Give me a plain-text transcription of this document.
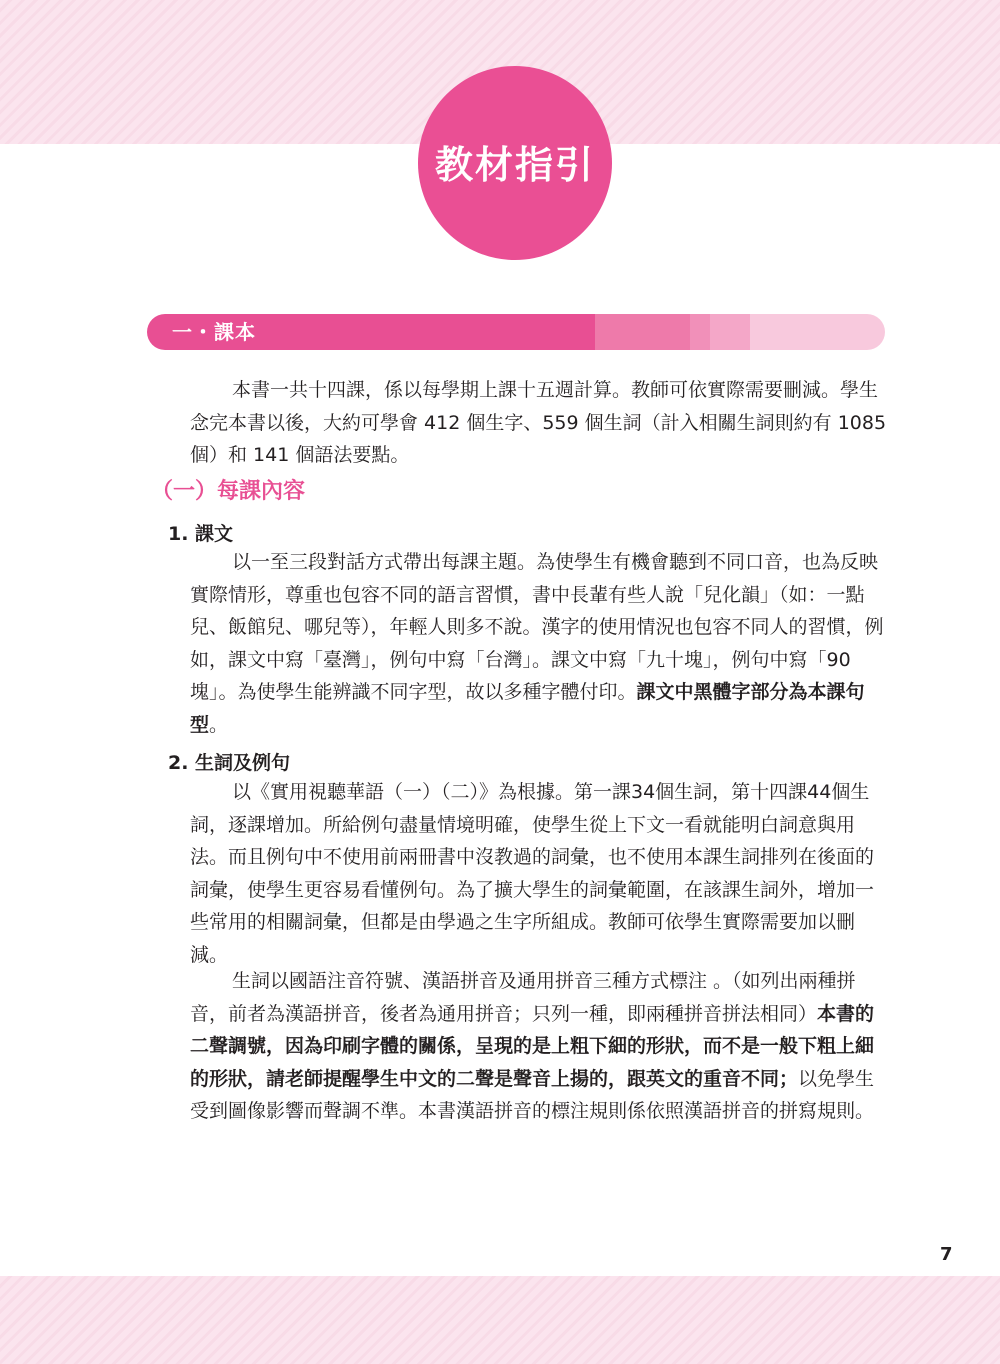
教材指引
一・課本

本書一共十四課，係以每學期上課十五週計算。教師可依實際需要刪減。學生念完本書以後，大約可學會 412 個生字、559 個生詞（計入相關生詞則約有 1085 個）和 141 個語法要點。

（一）每課內容
1. 課文

以一至三段對話方式帶出每課主題。為使學生有機會聽到不同口音，也為反映實際情形，尊重也包容不同的語言習慣，書中長輩有些人說「兒化韻」（如：一點兒、飯館兒、哪兒等），年輕人則多不說。漢字的使用情況也包容不同人的習慣，例如，課文中寫「臺灣」，例句中寫「台灣」。課文中寫「九十塊」，例句中寫「90塊」。為使學生能辨識不同字型，故以多種字體付印。課文中黑體字部分為本課句型。

2. 生詞及例句

以《實用視聽華語（一）（二）》為根據。第一課34個生詞，第十四課44個生詞，逐課增加。所給例句盡量情境明確，使學生從上下文一看就能明白詞意與用法。而且例句中不使用前兩冊書中沒教過的詞彙，也不使用本課生詞排列在後面的詞彙，使學生更容易看懂例句。為了擴大學生的詞彙範圍，在該課生詞外，增加一些常用的相關詞彙，但都是由學過之生字所組成。教師可依學生實際需要加以刪減。

生詞以國語注音符號、漢語拼音及通用拼音三種方式標注 。（如列出兩種拼音，前者為漢語拼音，後者為通用拼音；只列一種，即兩種拼音拼法相同）本書的二聲調號，因為印刷字體的關係，呈現的是上粗下細的形狀，而不是一般下粗上細的形狀，請老師提醒學生中文的二聲是聲音上揚的，跟英文的重音不同；以免學生受到圖像影響而聲調不準。本書漢語拼音的標注規則係依照漢語拼音的拼寫規則。

7
